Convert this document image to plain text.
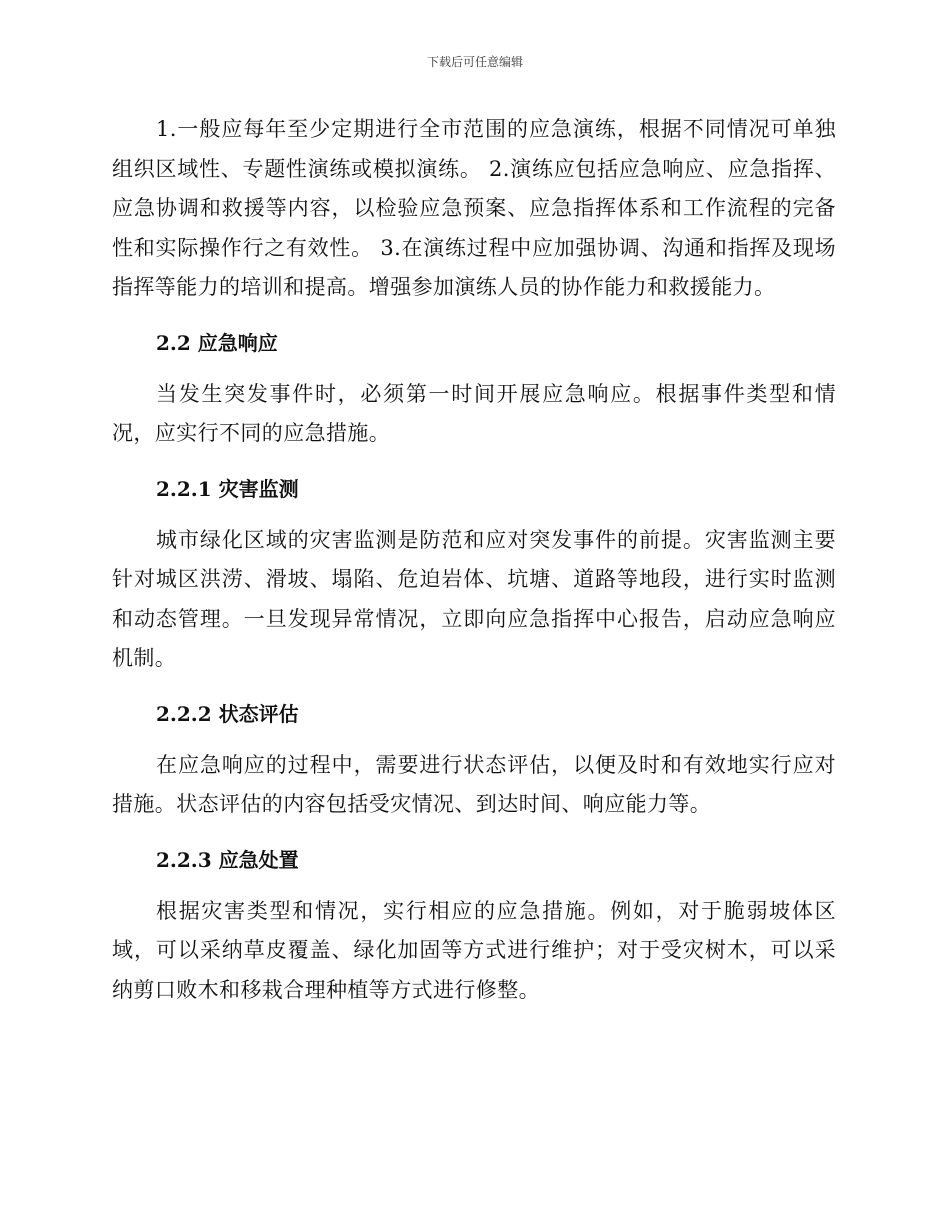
下载后可任意编辑

1.一般应每年至少定期进行全市范围的应急演练，根据不同情况可单独组织区域性、专题性演练或模拟演练。 2.演练应包括应急响应、应急指挥、应急协调和救援等内容，以检验应急预案、应急指挥体系和工作流程的完备性和实际操作行之有效性。 3.在演练过程中应加强协调、沟通和指挥及现场指挥等能力的培训和提高。增强参加演练人员的协作能力和救援能力。

2.2 应急响应

当发生突发事件时，必须第一时间开展应急响应。根据事件类型和情况，应实行不同的应急措施。

2.2.1 灾害监测

城市绿化区域的灾害监测是防范和应对突发事件的前提。灾害监测主要针对城区洪涝、滑坡、塌陷、危迫岩体、坑塘、道路等地段，进行实时监测和动态管理。一旦发现异常情况，立即向应急指挥中心报告，启动应急响应机制。

2.2.2 状态评估

在应急响应的过程中，需要进行状态评估，以便及时和有效地实行应对措施。状态评估的内容包括受灾情况、到达时间、响应能力等。

2.2.3 应急处置

根据灾害类型和情况，实行相应的应急措施。例如，对于脆弱坡体区域，可以采纳草皮覆盖、绿化加固等方式进行维护；对于受灾树木，可以采纳剪口败木和移栽合理种植等方式进行修整。
